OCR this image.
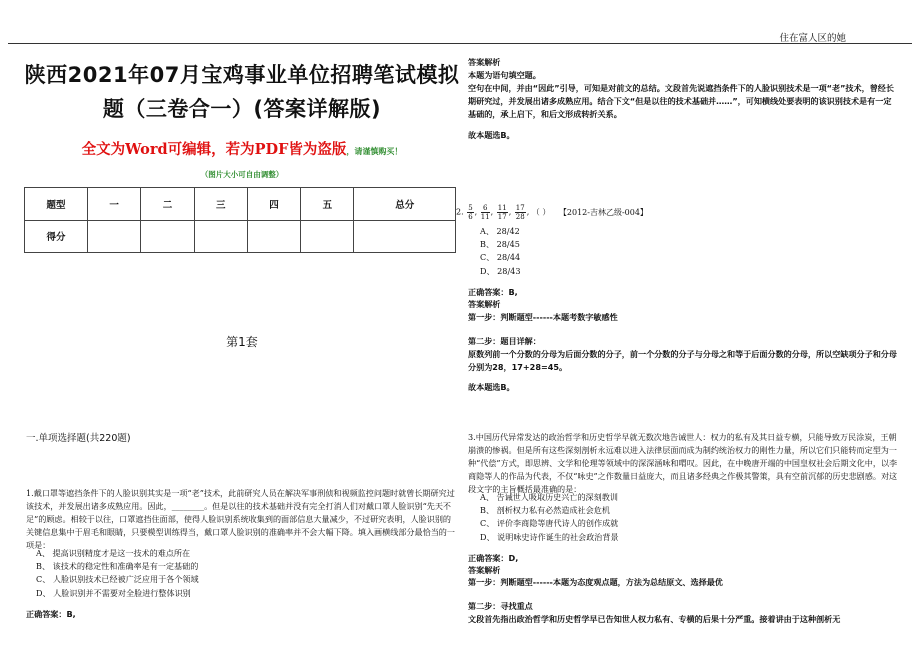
住在富人区的她
陕西2021年07月宝鸡事业单位招聘笔试模拟
题（三卷合一）(答案详解版)
全文为Word可编辑，若为PDF皆为盗版，请谨慎购买！
（图片大小可自由调整）
题型	一	二	三	四	五	总分
得分						
第1套
一.单项选择题(共220题)
1.戴口罩等遮挡条件下的人脸识别其实是一项“老”技术，此前研究人员在解决军事刑侦和视频监控问题时就曾长期研究过该技术，并发展出诸多成熟应用。因此，________。但是以往的技术基础并没有完全打消人们对戴口罩人脸识别“先天不足”的顾虑。相较于以往，口罩遮挡住面部，使得人脸识别系统收集到的面部信息大量减少，不过研究表明，人脸识别的关键信息集中于眉毛和眼睛，只要模型训练得当，戴口罩人脸识别的准确率并不会大幅下降。填入画横线部分最恰当的一项是：
A、 提高识别精度才是这一技术的难点所在
B、 该技术的稳定性和准确率是有一定基础的
C、 人脸识别技术已经被广泛应用于各个领域
D、 人脸识别并不需要对全脸进行整体识别
正确答案：B,
答案解析
本题为语句填空题。
空句在中间，并由“因此”引导，可知是对前文的总结。文段首先说遮挡条件下的人脸识别技术是一项“老”技术，曾经长期研究过，并发展出诸多成熟应用。结合下文“但是以往的技术基础并……”，可知横线处要表明的该识别技术是有一定基础的，承上启下，和后文形成转折关系。
故本题选B。
2. $\frac{5}{6}$ , $\frac{6}{11}$ , $\frac{11}{17}$ , $\frac{17}{28}$ , （ ） 【2012-吉林乙级-004】
A、 28/42
B、 28/45
C、 28/44
D、 28/43
正确答案：B,
答案解析
第一步：判断题型------本题考数字敏感性
第二步：题目详解：
原数列前一个分数的分母为后面分数的分子，前一个分数的分子与分母之和等于后面分数的分母，所以空缺项分子和分母分别为28，17+28=45。
故本题选B。
3.中国历代异常发达的政治哲学和历史哲学早就无数次地告诫世人：权力的私有及其日益专横，只能导致万民涂炭，王朝崩溃的惨祸。但是所有这些深刻剖析永远难以进入法律层面而成为制约统治权力的刚性力量，所以它们只能转而定型为一种“代偿”方式，即思辨、文学和伦理等领域中的深深涵咏和喟叹。因此，在中晚唐开端的中国皇权社会后期文化中，以李商隐等人的作品为代表，不仅“咏史”之作数量日益庞大，而且诸多经典之作极其警策，具有空前沉郁的历史悲剧感。对这段文字的主旨概括最准确的是：
A、 告诫世人吸取历史兴亡的深刻教训
B、 剖析权力私有必然造成社会危机
C、 评价李商隐等唐代诗人的创作成就
D、 说明咏史诗作诞生的社会政治背景
正确答案：D,
答案解析
第一步：判断题型------本题为态度观点题，方法为总结原文、选择最优
第二步：寻找重点
文段首先指出政治哲学和历史哲学早已告知世人权力私有、专横的后果十分严重。接着讲由于这种剖析无
